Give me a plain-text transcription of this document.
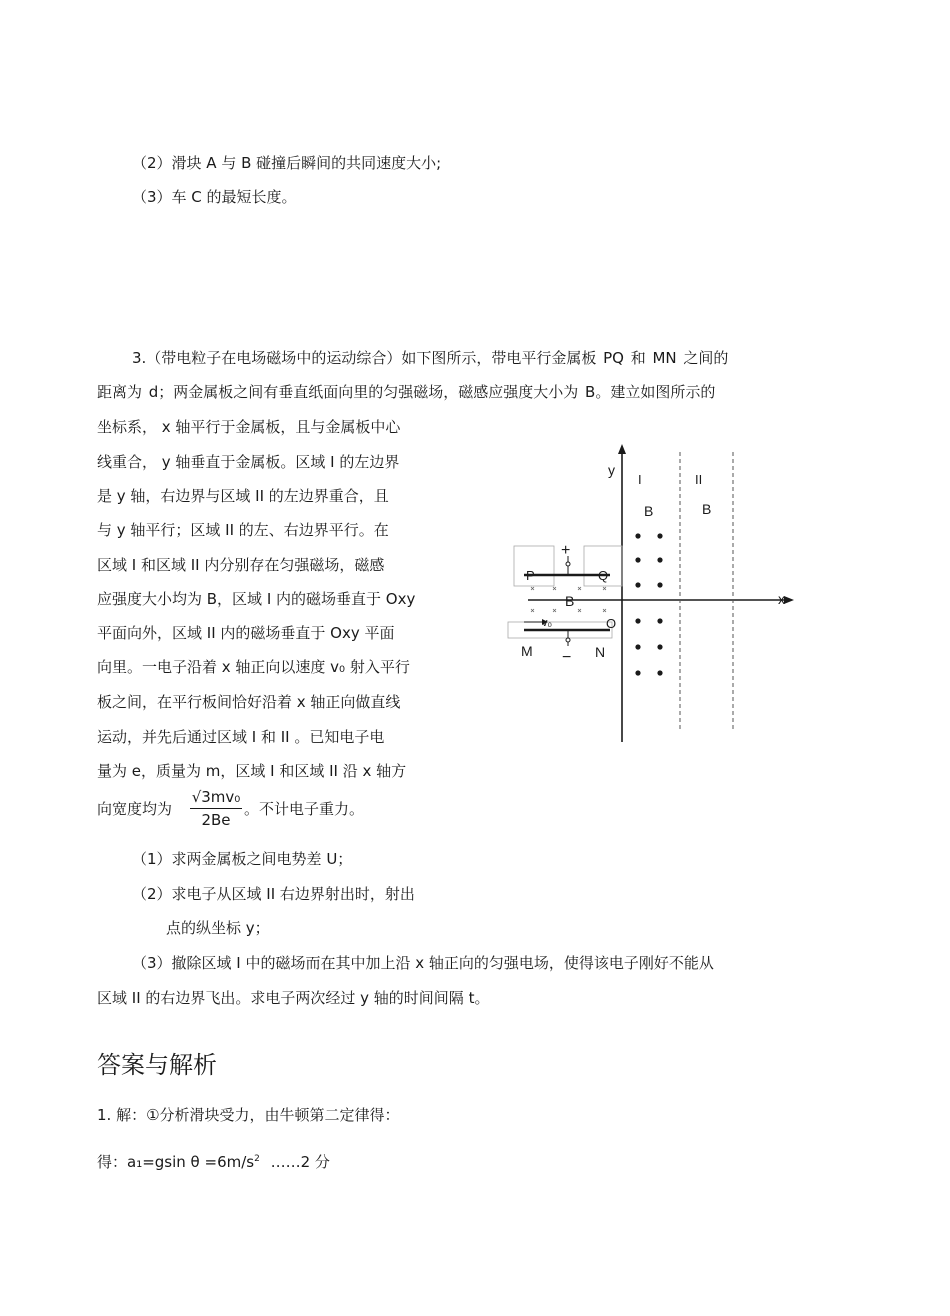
（2）滑块 A 与 B 碰撞后瞬间的共同速度大小;
（3）车 C 的最短长度。
3.（带电粒子在电场磁场中的运动综合）如下图所示，带电平行金属板 PQ 和 MN 之间的
距离为 d；两金属板之间有垂直纸面向里的匀强磁场，磁感应强度大小为 B。建立如图所示的
坐标系， x 轴平行于金属板，且与金属板中心
线重合， y 轴垂直于金属板。区域 I 的左边界
是 y 轴，右边界与区域 II 的左边界重合，且
与 y 轴平行；区域 II 的左、右边界平行。在
区域 I 和区域 II 内分别存在匀强磁场，磁感
应强度大小均为 B，区域 I 内的磁场垂直于 Oxy
平面向外，区域 II 内的磁场垂直于 Oxy 平面
向里。一电子沿着 x 轴正向以速度 v₀ 射入平行
板之间，在平行板间恰好沿着 x 轴正向做直线
运动，并先后通过区域 I 和 II 。已知电子电
量为 e，质量为 m，区域 I 和区域 II 沿 x 轴方
向宽度均为
√3mv₀
2Be
。不计电子重力。
（1）求两金属板之间电势差 U；
（2）求电子从区域 II 右边界射出时，射出
点的纵坐标 y；
（3）撤除区域 I 中的磁场而在其中加上沿 x 轴正向的匀强电场，使得该电子刚好不能从
区域 II 的右边界飞出。求电子两次经过 y 轴的时间间隔 t。
y
x
I	II
B	B
+
P	Q
B
v₀	O
−
M	N
答案与解析
1. 解：①分析滑块受力，由牛顿第二定律得：
得：a₁=gsin $\theta =6m/s^2$ ……2 分
